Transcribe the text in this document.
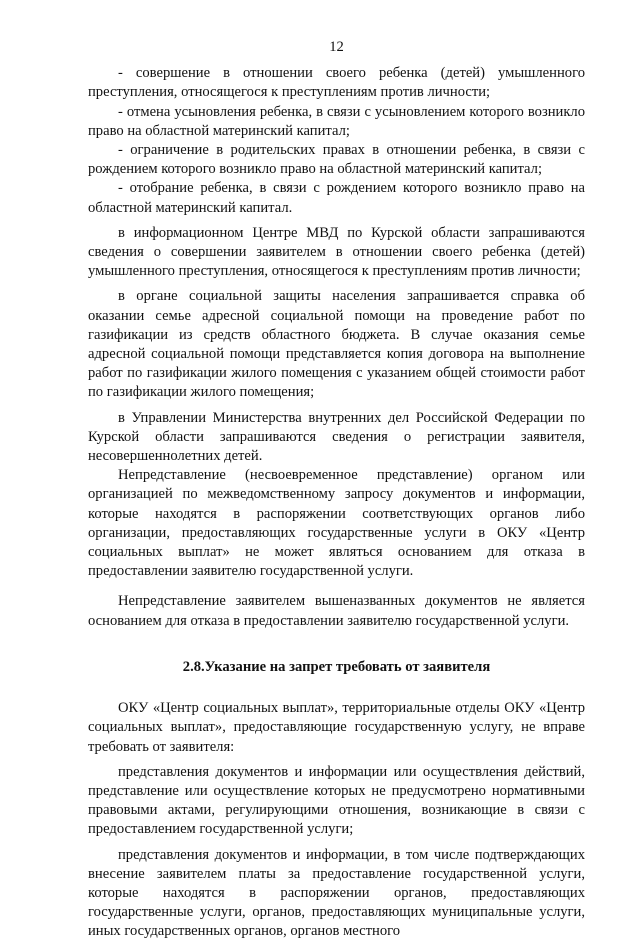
12

- совершение в отношении своего ребенка (детей) умышленного преступления, относящегося к преступлениям против личности;

- отмена усыновления ребенка, в связи с усыновлением которого возникло право на областной материнский капитал;

- ограничение в родительских правах в отношении ребенка, в связи с рождением которого возникло право на областной материнский капитал;

- отобрание ребенка, в связи с рождением которого возникло право на областной материнский капитал.

в информационном Центре МВД по Курской области запрашиваются сведения о совершении заявителем в отношении своего ребенка (детей) умышленного преступления, относящегося к преступлениям против личности;

в органе социальной защиты населения запрашивается справка об оказании семье адресной социальной помощи на проведение работ по газификации из средств областного бюджета. В случае оказания семье адресной социальной помощи представляется копия договора на выполнение работ по газификации жилого помещения с указанием общей стоимости работ по газификации жилого помещения;

в Управлении Министерства внутренних дел Российской Федерации по Курской области запрашиваются сведения о регистрации заявителя, несовершеннолетних детей.

Непредставление (несвоевременное представление) органом или организацией по межведомственному запросу документов и информации, которые находятся в распоряжении соответствующих органов либо организации, предоставляющих государственные услуги в ОКУ «Центр социальных выплат» не может являться основанием для отказа в предоставлении заявителю государственной услуги.

Непредставление заявителем вышеназванных документов не является основанием для отказа в предоставлении заявителю государственной услуги.

2.8.Указание на запрет требовать от заявителя

ОКУ «Центр социальных выплат», территориальные отделы ОКУ «Центр социальных выплат», предоставляющие государственную услугу, не вправе требовать от заявителя:

представления документов и информации или осуществления действий, представление или осуществление которых не предусмотрено нормативными правовыми актами, регулирующими отношения, возникающие в связи с предоставлением государственной услуги;

представления документов и информации, в том числе подтверждающих внесение заявителем платы за предоставление государственной услуги, которые находятся в распоряжении органов, предоставляющих государственные услуги, органов, предоставляющих муниципальные услуги, иных государственных органов, органов местного
